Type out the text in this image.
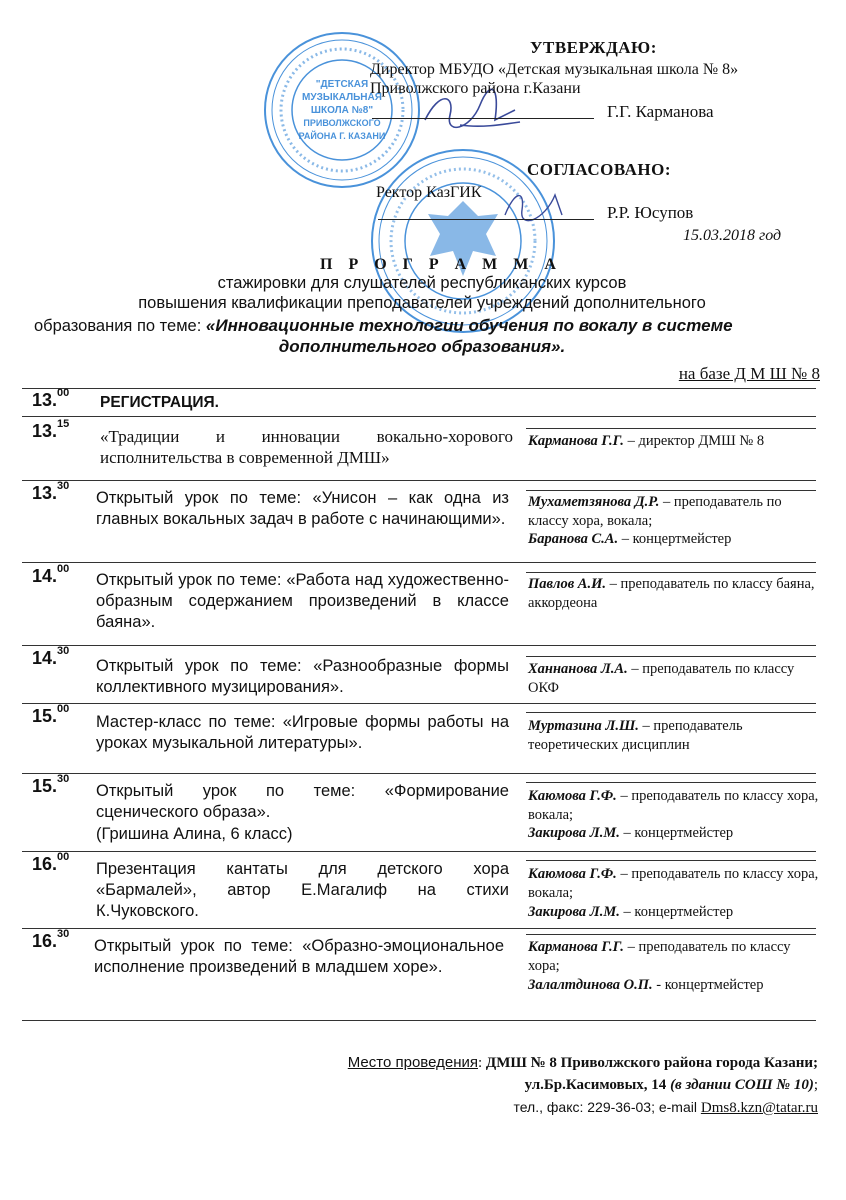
"ДЕТСКАЯ
МУЗЫКАЛЬНАЯ
ШКОЛА №8"
ПРИВОЛЖСКОГО
РАЙОНА Г. КАЗАНИ
УТВЕРЖДАЮ:
Директор МБУДО «Детская музыкальная школа № 8»
Приволжского района г.Казани
Г.Г. Карманова
СОГЛАСОВАНО:
Ректор КазГИК
Р.Р. Юсупов
15.03.2018 год
П Р О Г Р А М М А
стажировки для слушателей республиканских курсов
повышения квалификации преподавателей учреждений дополнительного
образования по теме: «Инновационные технологии обучения по вокалу в системе
дополнительного образования».
на базе Д М Ш № 8
13.00
РЕГИСТРАЦИЯ.
13.15
«Традиции и инновации вокально-хорового исполнительства в современной ДМШ»
Карманова Г.Г. – директор ДМШ № 8
13.30
Открытый урок по теме: «Унисон – как одна из главных вокальных задач в работе с начинающими».
Мухаметзянова Д.Р. – преподаватель по классу хора, вокала;
Баранова С.А. – концертмейстер
14.00
Открытый урок по теме: «Работа над художественно-образным содержанием произведений в классе баяна».
Павлов А.И. – преподаватель по классу баяна, аккордеона
14.30
Открытый урок по теме: «Разнообразные формы коллективного музицирования».
Ханнанова Л.А. – преподаватель по классу ОКФ
15.00
Мастер-класс по теме: «Игровые формы работы на уроках музыкальной литературы».
Муртазина Л.Ш. – преподаватель теоретических дисциплин
15.30
Открытый урок по теме: «Формирование сценического образа».
(Гришина Алина, 6 класс)
Каюмова Г.Ф. – преподаватель по классу хора, вокала;
Закирова Л.М. – концертмейстер
16.00
Презентация кантаты для детского хора «Бармалей», автор Е.Магалиф на стихи К.Чуковского.
Каюмова Г.Ф. – преподаватель по классу хора, вокала;
Закирова Л.М. – концертмейстер
16.30
Открытый урок по теме: «Образно-эмоциональное исполнение произведений в младшем хоре».
Карманова Г.Г. – преподаватель по классу хора;
Залалтдинова О.П. - концертмейстер
Место проведения: ДМШ № 8 Приволжского района города Казани;
ул.Бр.Касимовых, 14 (в здании СОШ № 10);
тел., факс: 229-36-03; e-mail Dms8.kzn@tatar.ru
